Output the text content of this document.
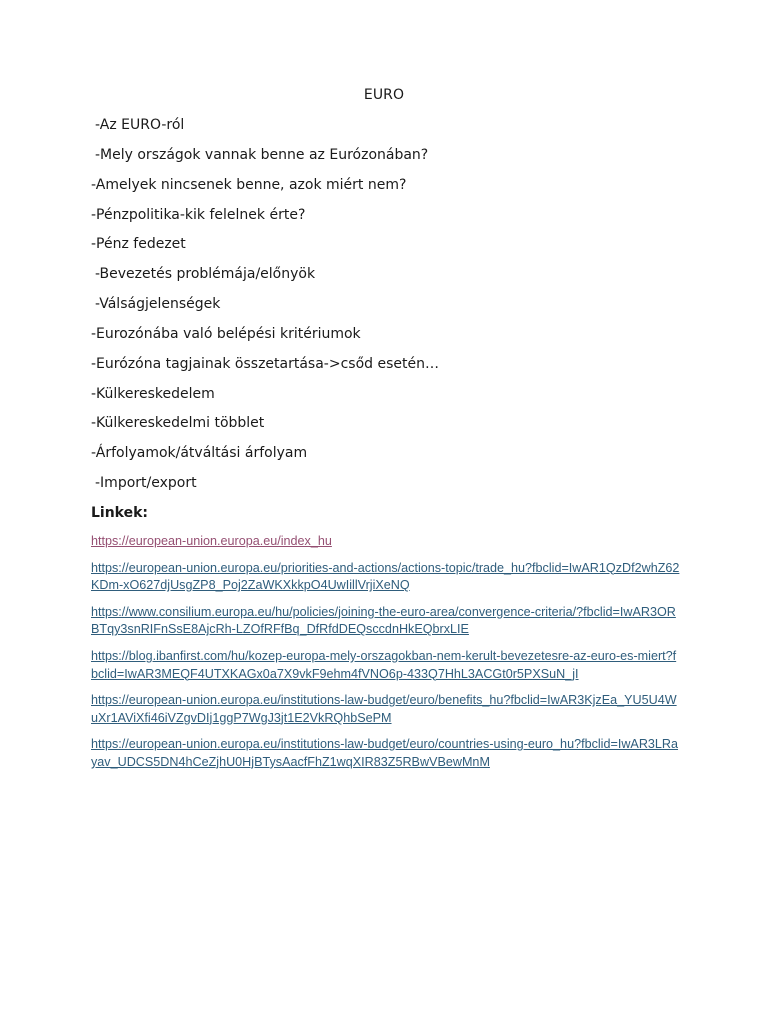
EURO
-Az EURO-ról
-Mely országok vannak benne az Eurózonában?
-Amelyek nincsenek benne, azok miért nem?
-Pénzpolitika-kik felelnek érte?
-Pénz fedezet
-Bevezetés problémája/előnyök
-Válságjelenségek
-Eurozónába való belépési kritériumok
-Eurózóna tagjainak összetartása->csőd esetén…
-Külkereskedelem
-Külkereskedelmi többlet
-Árfolyamok/átváltási árfolyam
-Import/export
Linkek:
https://european-union.europa.eu/index_hu
https://european-union.europa.eu/priorities-and-actions/actions-topic/trade_hu?fbclid=IwAR1QzDf2whZ62KDm-xO627djUsgZP8_Poj2ZaWKXkkpO4UwIillVrjiXeNQ
https://www.consilium.europa.eu/hu/policies/joining-the-euro-area/convergence-criteria/?fbclid=IwAR3ORBTqy3snRIFnSsE8AjcRh-LZOfRFfBq_DfRfdDEQsccdnHkEQbrxLIE
https://blog.ibanfirst.com/hu/kozep-europa-mely-orszagokban-nem-kerult-bevezetesre-az-euro-es-miert?fbclid=IwAR3MEQF4UTXKAGx0a7X9vkF9ehm4fVNO6p-433Q7HhL3ACGt0r5PXSuN_jI
https://european-union.europa.eu/institutions-law-budget/euro/benefits_hu?fbclid=IwAR3KjzEa_YU5U4WuXr1AViXfi46iVZgvDIj1ggP7WgJ3jt1E2VkRQhbSePM
https://european-union.europa.eu/institutions-law-budget/euro/countries-using-euro_hu?fbclid=IwAR3LRayav_UDCS5DN4hCeZjhU0HjBTysAacfFhZ1wqXIR83Z5RBwVBewMnM
